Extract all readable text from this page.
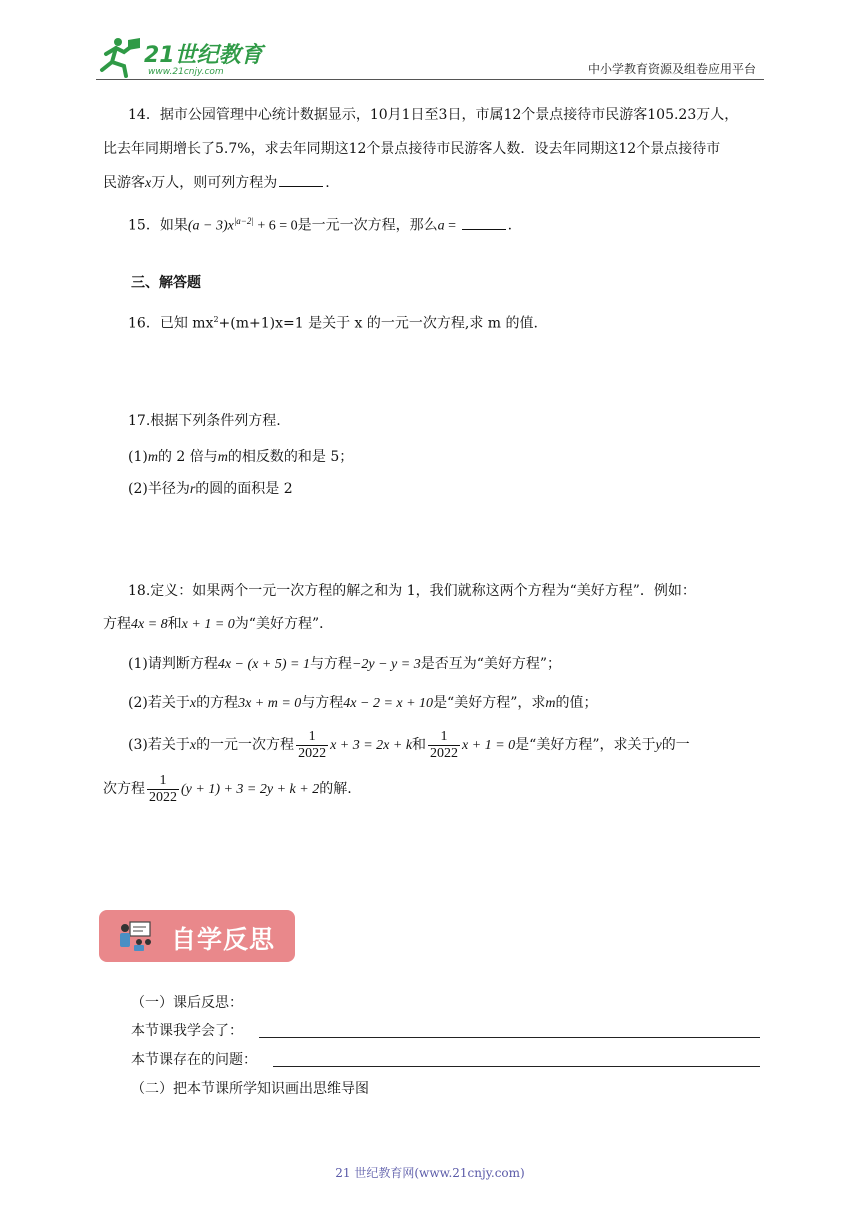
21世纪教育
www.21cnjy.com	中小学教育资源及组卷应用平台
14．据市公园管理中心统计数据显示，10月1日至3日，市属12个景点接待市民游客105.23万人，
比去年同期增长了5.7%，求去年同期这12个景点接待市民游客人数．设去年同期这12个景点接待市
民游客x万人，则可列方程为	.
15．如果$(a - 3)x^{|a-2|} + 6 = 0$是一元一次方程，那么a =	.
三、解答题
16．已知 $mx^2+(m+1)x=1$ 是关于 x 的一元一次方程,求 m 的值.
17.根据下列条件列方程.
(1)m的 2 倍与m的相反数的和是 5；
(2)半径为r的圆的面积是 2
18.定义：如果两个一元一次方程的解之和为 1，我们就称这两个方程为“美好方程”．例如：
方程4x = 8和x + 1 = 0为“美好方程”．
(1)请判断方程4x − (x + 5) = 1与方程−2y − y = 3是否互为“美好方程”；
(2)若关于x的方程3x + m = 0与方程4x − 2 = x + 10是“美好方程”，求m的值；
(3)若关于x的一元一次方程 $\frac{1}{2022}$ x + 3 = 2x + k和 $\frac{1}{2022}$ x + 1 = 0是“美好方程”，求关于y的一
次方程 $\frac{1}{2022} (y + 1) + 3 = 2y + k + 2$的解.
自学反思
（一）课后反思：
本节课我学会了：
本节课存在的问题：
（二）把本节课所学知识画出思维导图
21 世纪教育网(www.21cnjy.com)
